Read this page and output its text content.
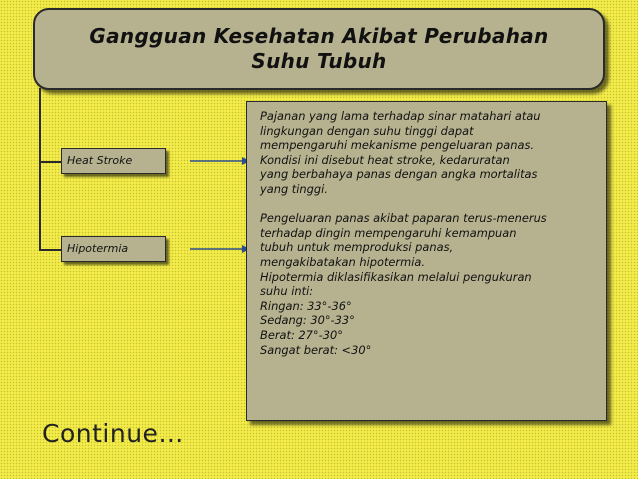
Gangguan Kesehatan Akibat Perubahan
Suhu Tubuh
Heat Stroke
Hipotermia

Pajanan yang lama terhadap sinar matahari atau

lingkungan dengan suhu tinggi dapat

mempengaruhi mekanisme pengeluaran panas.

Kondisi ini disebut heat stroke, kedaruratan

yang berbahaya panas dengan angka mortalitas

yang tinggi.

Pengeluaran panas akibat paparan terus-menerus

terhadap dingin mempengaruhi kemampuan

tubuh untuk memproduksi panas,

mengakibatakan hipotermia.

Hipotermia diklasifikasikan melalui pengukuran

suhu inti:

Ringan: 33°-36°

Sedang: 30°-33°

Berat: 27°-30°

Sangat berat: <30°

Continue…
